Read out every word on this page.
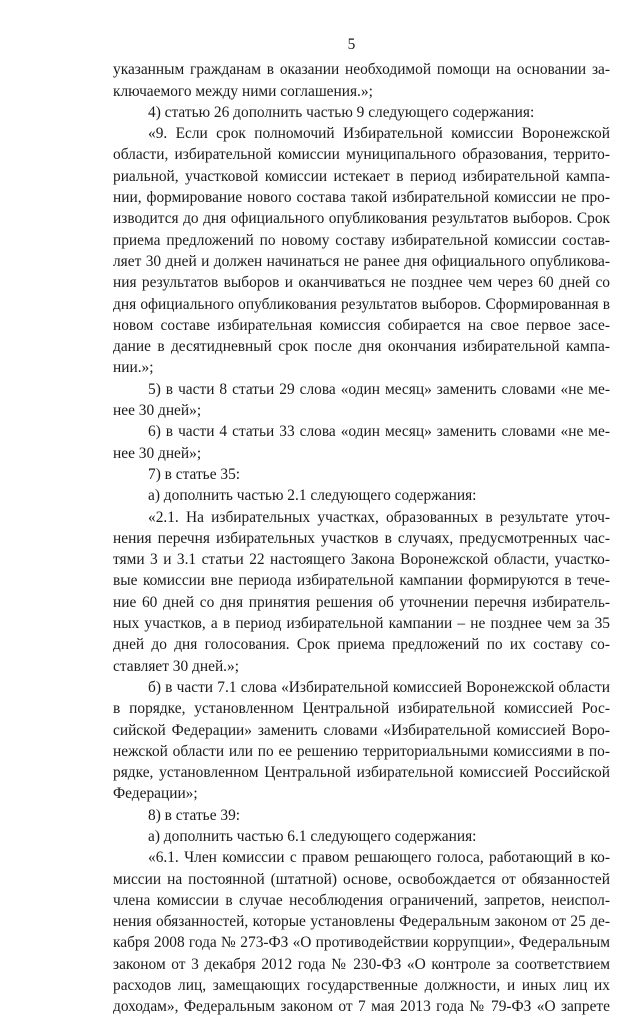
5

указанным гражданам в оказании необходимой помощи на основании заключаемого между ними соглашения.»;

4) статью 26 дополнить частью 9 следующего содержания:

«9. Если срок полномочий Избирательной комиссии Воронежской области, избирательной комиссии муниципального образования, территориальной, участковой комиссии истекает в период избирательной кампании, формирование нового состава такой избирательной комиссии не производится до дня официального опубликования результатов выборов. Срок приема предложений по новому составу избирательной комиссии составляет 30 дней и должен начинаться не ранее дня официального опубликования результатов выборов и оканчиваться не позднее чем через 60 дней со дня официального опубликования результатов выборов. Сформированная в новом составе избирательная комиссия собирается на свое первое заседание в десятидневный срок после дня окончания избирательной кампании.»;

5) в части 8 статьи 29 слова «один месяц» заменить словами «не менее 30 дней»;

6) в части 4 статьи 33 слова «один месяц» заменить словами «не менее 30 дней»;

7) в статье 35:

а) дополнить частью 2.1 следующего содержания:

«2.1. На избирательных участках, образованных в результате уточнения перечня избирательных участков в случаях, предусмотренных частями 3 и 3.1 статьи 22 настоящего Закона Воронежской области, участковые комиссии вне периода избирательной кампании формируются в течение 60 дней со дня принятия решения об уточнении перечня избирательных участков, а в период избирательной кампании – не позднее чем за 35 дней до дня голосования. Срок приема предложений по их составу составляет 30 дней.»;

б) в части 7.1 слова «Избирательной комиссией Воронежской области в порядке, установленном Центральной избирательной комиссией Российской Федерации» заменить словами «Избирательной комиссией Воронежской области или по ее решению территориальными комиссиями в порядке, установленном Центральной избирательной комиссией Российской Федерации»;

8) в статье 39:

а) дополнить частью 6.1 следующего содержания:

«6.1. Член комиссии с правом решающего голоса, работающий в комиссии на постоянной (штатной) основе, освобождается от обязанностей члена комиссии в случае несоблюдения ограничений, запретов, неисполнения обязанностей, которые установлены Федеральным законом от 25 декабря 2008 года № 273-ФЗ «О противодействии коррупции», Федеральным законом от 3 декабря 2012 года № 230-ФЗ «О контроле за соответствием расходов лиц, замещающих государственные должности, и иных лиц их доходам», Федеральным законом от 7 мая 2013 года № 79-ФЗ «О запрете
